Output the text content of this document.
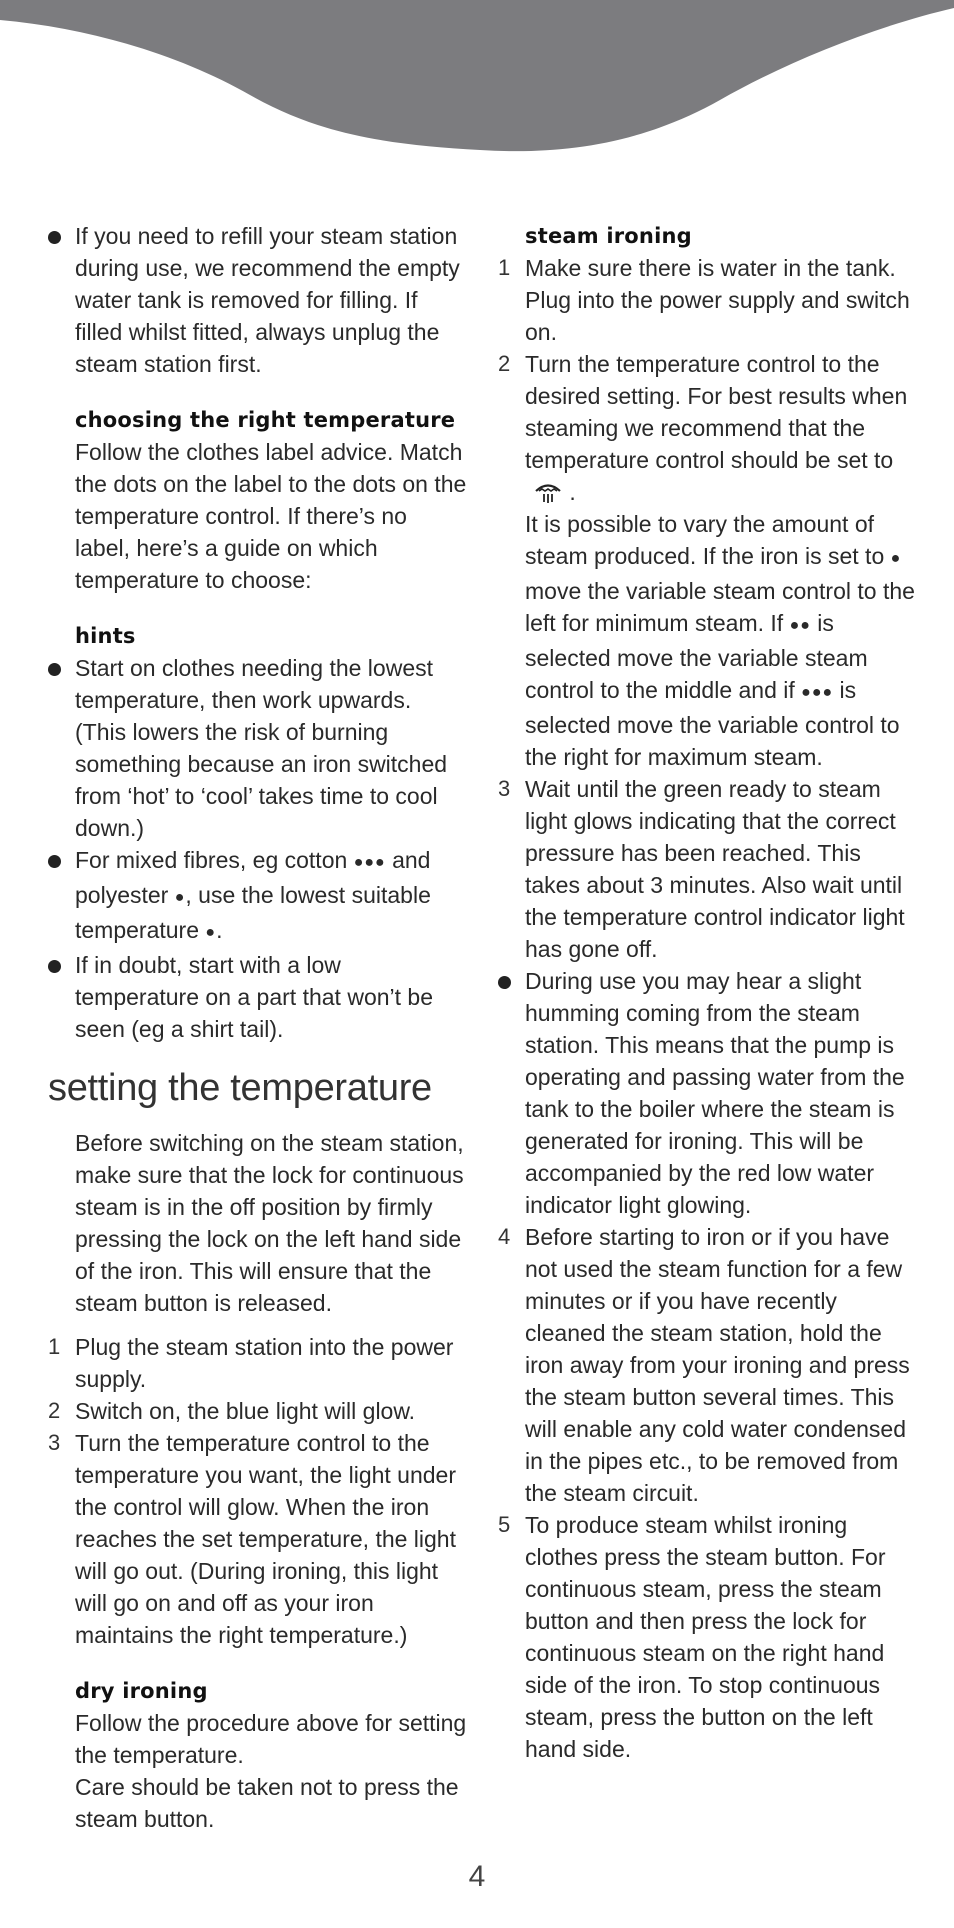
If you need to refill your steam station during use, we recommend the empty water tank is removed for filling. If filled whilst fitted, always unplug the steam station first.
choosing the right temperature
Follow the clothes label advice. Match the dots on the label to the dots on the temperature control. If there’s no label, here’s a guide on which temperature to choose:
hints
Start on clothes needing the lowest temperature, then work upwards. (This lowers the risk of burning something because an iron switched from ‘hot’ to ‘cool’ takes time to cool down.)
For mixed fibres, eg cotton ●●● and polyester ●, use the lowest suitable temperature ●.
If in doubt, start with a low temperature on a part that won’t be seen (eg a shirt tail).
setting the temperature
Before switching on the steam station, make sure that the lock for continuous steam is in the off position by firmly pressing the lock on the left hand side of the iron. This will ensure that the steam button is released.
1 Plug the steam station into the power supply.
2 Switch on, the blue light will glow.
3 Turn the temperature control to the temperature you want, the light under the control will glow. When the iron reaches the set temperature, the light will go out. (During ironing, this light will go on and off as your iron maintains the right temperature.)
dry ironing
Follow the procedure above for setting the temperature.
Care should be taken not to press the steam button.
steam ironing
1 Make sure there is water in the tank. Plug into the power supply and switch on.
2 Turn the temperature control to the desired setting. For best results when steaming we recommend that the temperature control should be set to  .
It is possible to vary the amount of steam produced. If the iron is set to ● move the variable steam control to the left for minimum steam. If ●● is selected move the variable steam control to the middle and if ●●● is selected move the variable control to the right for maximum steam.
3 Wait until the green ready to steam light glows indicating that the correct pressure has been reached. This takes about 3 minutes. Also wait until the temperature control indicator light has gone off.
During use you may hear a slight humming coming from the steam station. This means that the pump is operating and passing water from the tank to the boiler where the steam is generated for ironing. This will be accompanied by the red low water indicator light glowing.
4 Before starting to iron or if you have not used the steam function for a few minutes or if you have recently cleaned the steam station, hold the iron away from your ironing and press the steam button several times. This will enable any cold water condensed in the pipes etc., to be removed from the steam circuit.
5 To produce steam whilst ironing clothes press the steam button. For continuous steam, press the steam button and then press the lock for continuous steam on the right hand side of the iron. To stop continuous steam, press the button on the left hand side.
4
